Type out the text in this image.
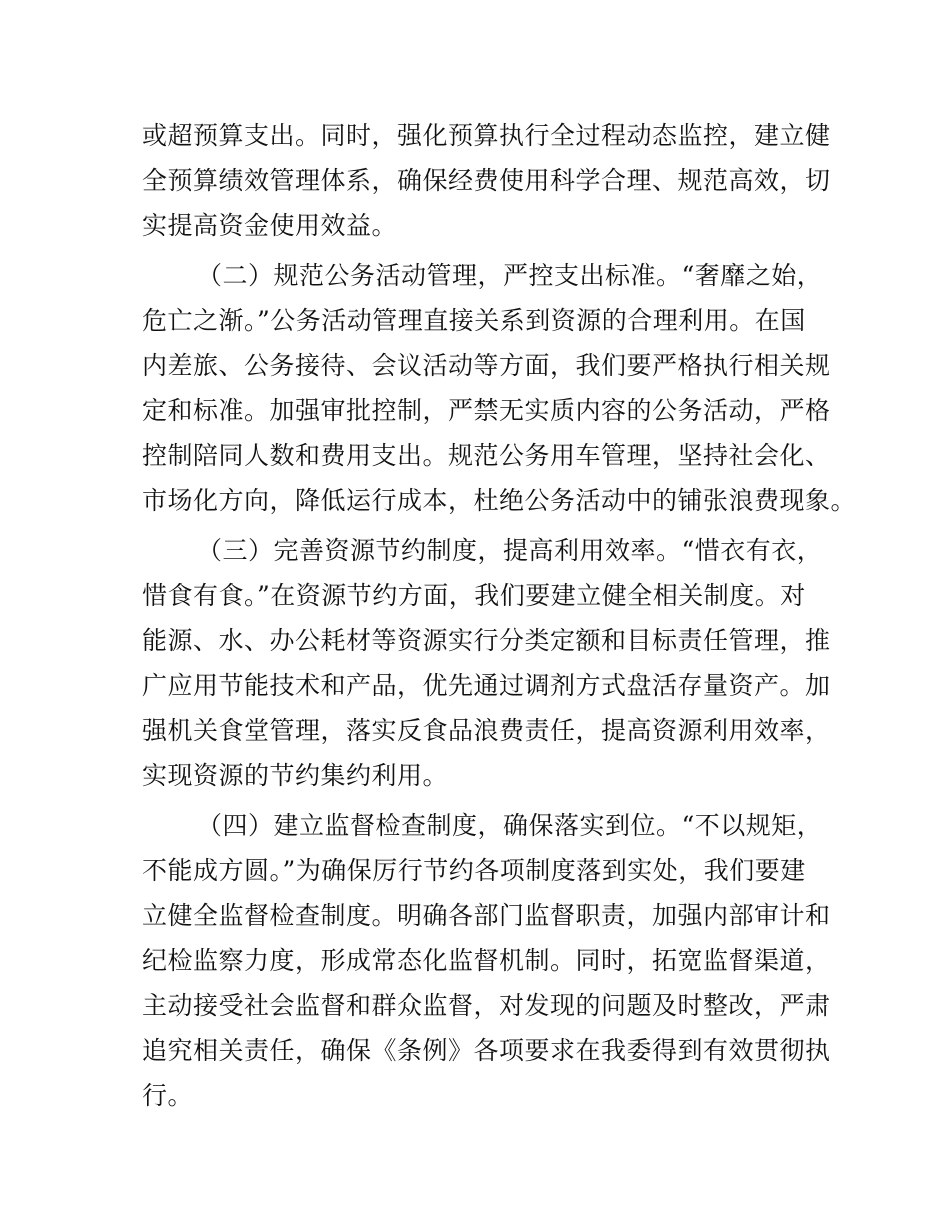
或超预算支出。同时，强化预算执行全过程动态监控，建立健
全预算绩效管理体系，确保经费使用科学合理、规范高效，切
实提高资金使用效益。
（二）规范公务活动管理，严控支出标准。“奢靡之始，
危亡之渐。”公务活动管理直接关系到资源的合理利用。在国
内差旅、公务接待、会议活动等方面，我们要严格执行相关规
定和标准。加强审批控制，严禁无实质内容的公务活动，严格
控制陪同人数和费用支出。规范公务用车管理，坚持社会化、
市场化方向，降低运行成本，杜绝公务活动中的铺张浪费现象。
（三）完善资源节约制度，提高利用效率。“惜衣有衣，
惜食有食。”在资源节约方面，我们要建立健全相关制度。对
能源、水、办公耗材等资源实行分类定额和目标责任管理，推
广应用节能技术和产品，优先通过调剂方式盘活存量资产。加
强机关食堂管理，落实反食品浪费责任，提高资源利用效率，
实现资源的节约集约利用。
（四）建立监督检查制度，确保落实到位。“不以规矩，
不能成方圆。”为确保厉行节约各项制度落到实处，我们要建
立健全监督检查制度。明确各部门监督职责，加强内部审计和
纪检监察力度，形成常态化监督机制。同时，拓宽监督渠道，
主动接受社会监督和群众监督，对发现的问题及时整改，严肃
追究相关责任，确保《条例》各项要求在我委得到有效贯彻执
行。
